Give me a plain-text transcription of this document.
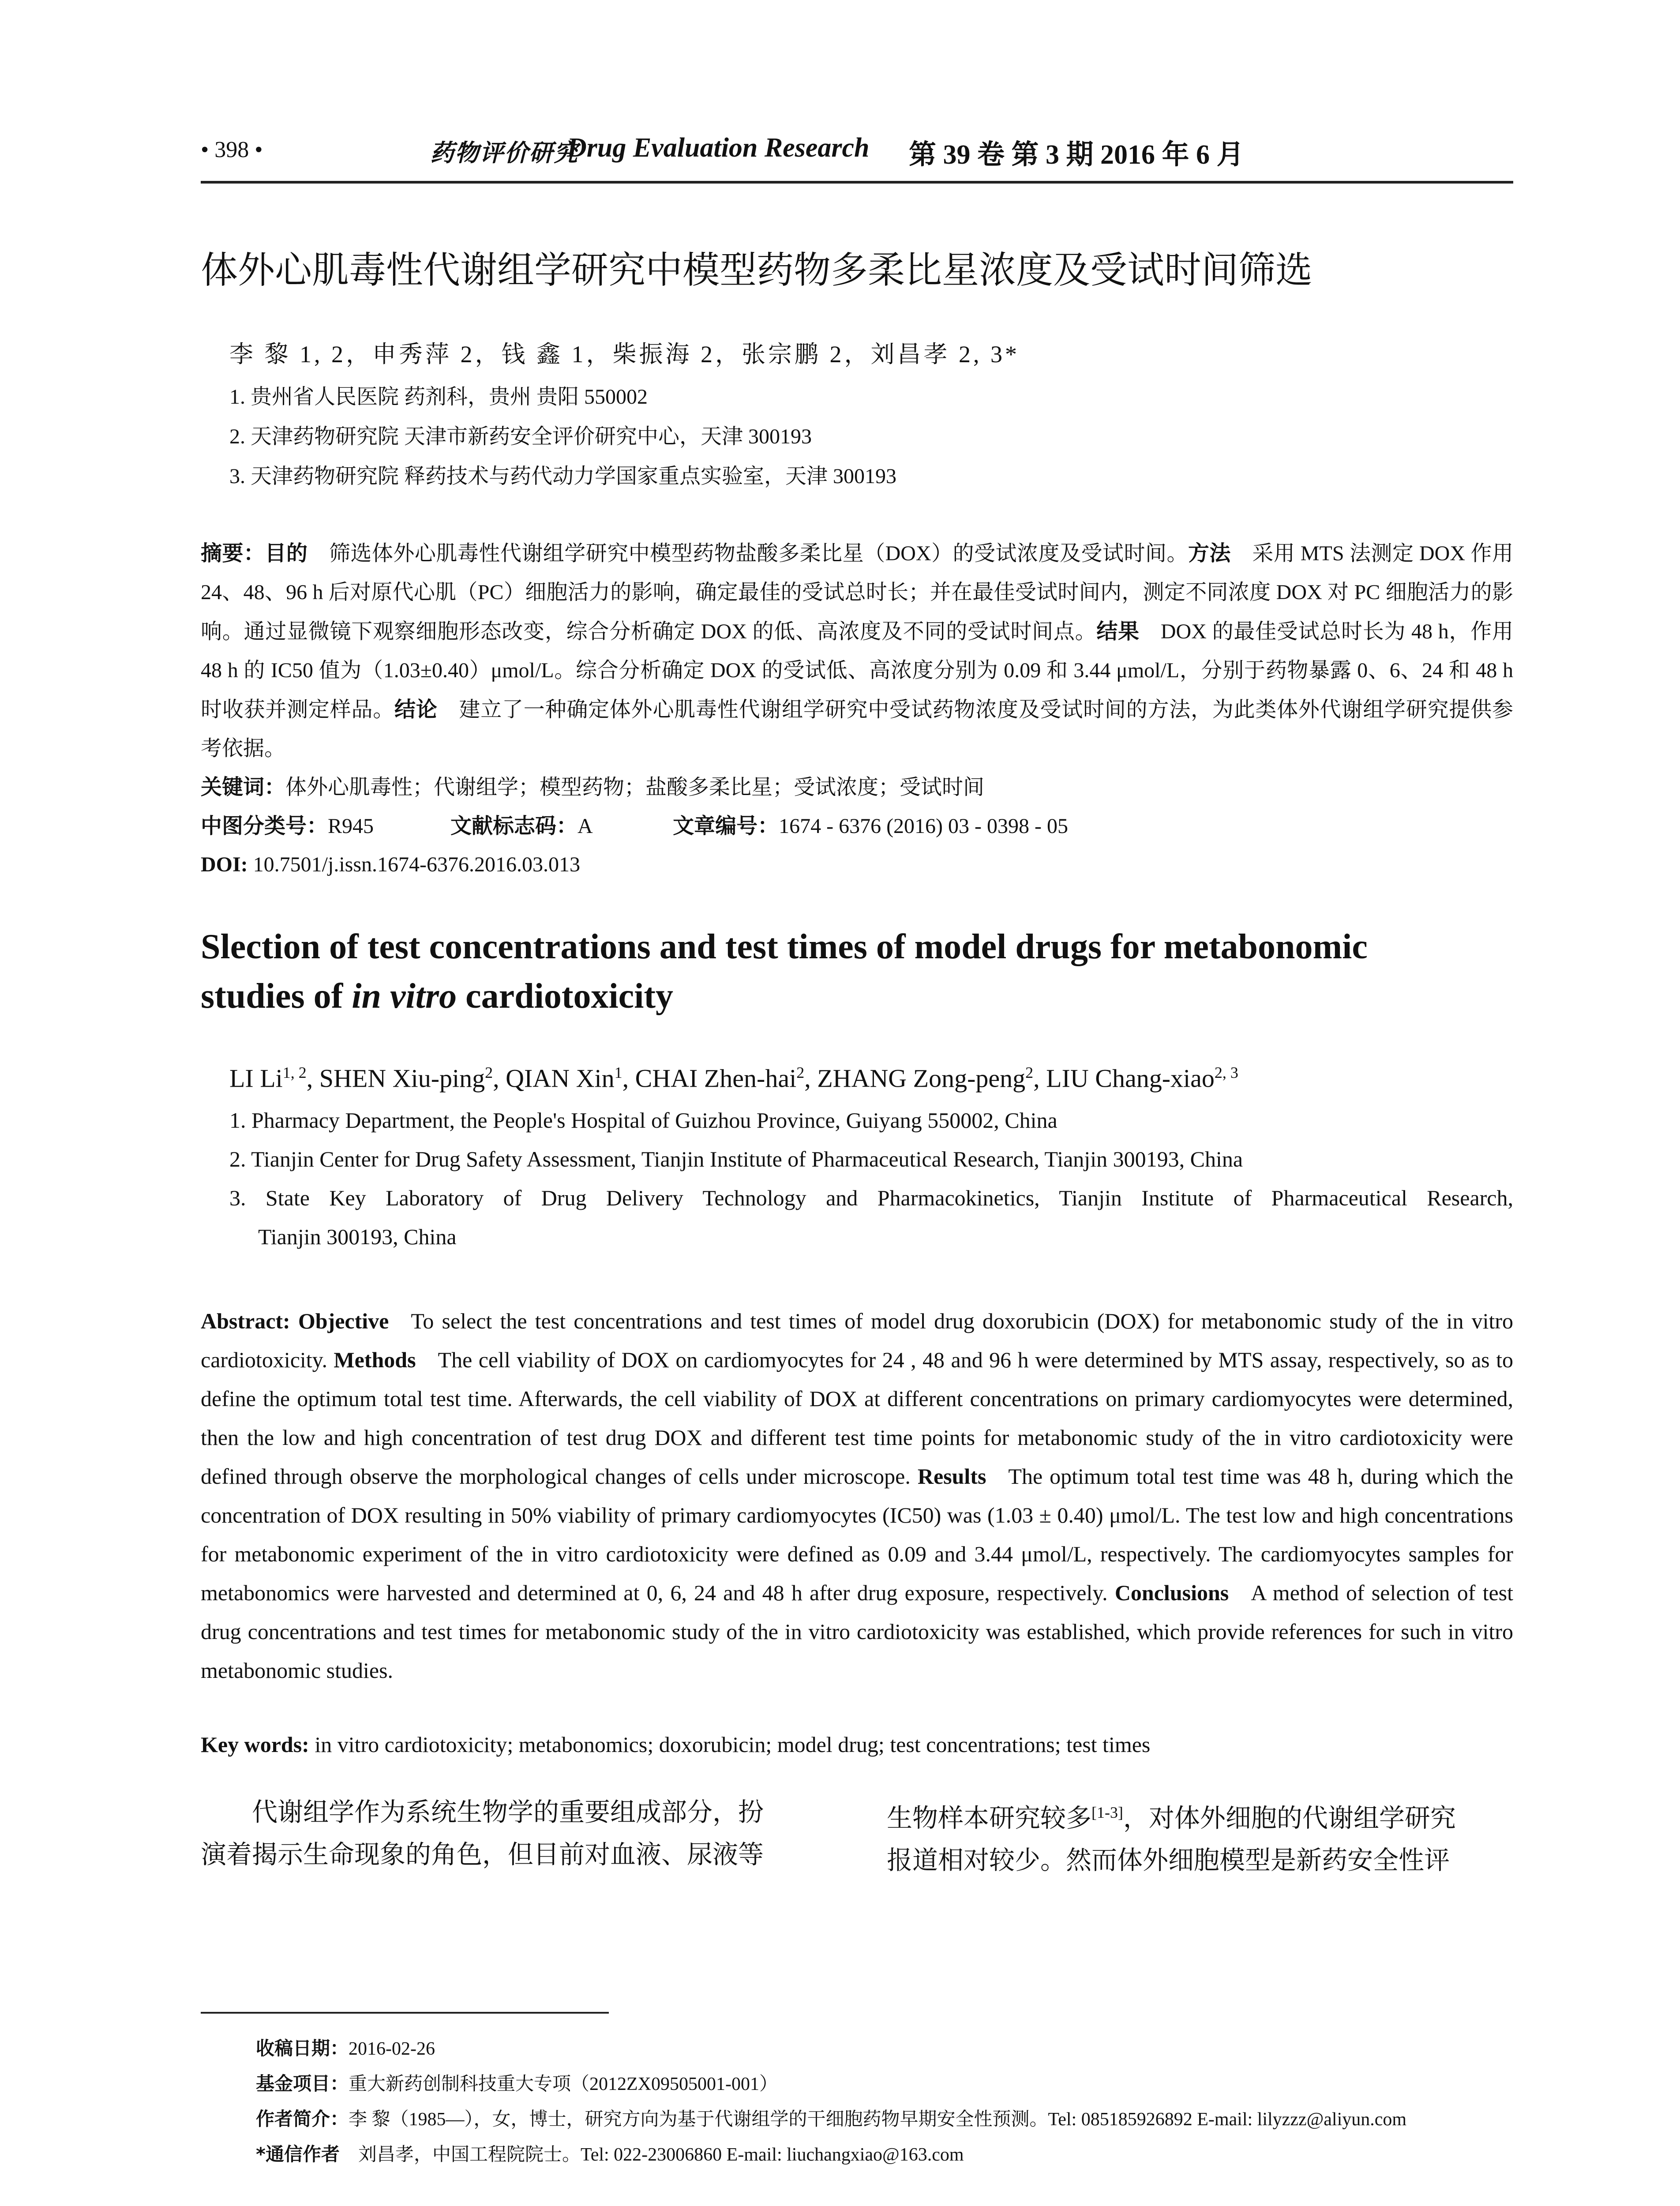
• 398 •	药物评价研究
Drug Evaluation Research 第 39 卷 第 3 期 2016 年 6 月
体外心肌毒性代谢组学研究中模型药物多柔比星浓度及受试时间筛选
李 黎 1, 2，申秀萍 2，钱 鑫 1，柴振海 2，张宗鹏 2，刘昌孝 2, 3*
1. 贵州省人民医院 药剂科，贵州 贵阳 550002
2. 天津药物研究院 天津市新药安全评价研究中心，天津 300193
3. 天津药物研究院 释药技术与药代动力学国家重点实验室，天津 300193
摘要：目的  筛选体外心肌毒性代谢组学研究中模型药物盐酸多柔比星（DOX）的受试浓度及受试时间。方法  采用 MTS 法测定 DOX 作用 24、48、96 h 后对原代心肌（PC）细胞活力的影响，确定最佳的受试总时长；并在最佳受试时间内，测定不同浓度 DOX 对 PC 细胞活力的影响。通过显微镜下观察细胞形态改变，综合分析确定 DOX 的低、高浓度及不同的受试时间点。结果  DOX 的最佳受试总时长为 48 h，作用 48 h 的 IC50 值为（1.03±0.40）μmol/L。综合分析确定 DOX 的受试低、高浓度分别为 0.09 和 3.44 μmol/L，分别于药物暴露 0、6、24 和 48 h 时收获并测定样品。结论  建立了一种确定体外心肌毒性代谢组学研究中受试药物浓度及受试时间的方法，为此类体外代谢组学研究提供参考依据。
关键词：体外心肌毒性；代谢组学；模型药物；盐酸多柔比星；受试浓度；受试时间
中图分类号：R945	文献标志码：A	文章编号：1674 - 6376 (2016) 03 - 0398 - 05
DOI: 10.7501/j.issn.1674-6376.2016.03.013
Slection of test concentrations and test times of model drugs for metabonomic
studies of in vitro cardiotoxicity
LI Li$^{1, 2}$, SHEN Xiu-ping$^2$, QIAN Xin$^1$, CHAI Zhen-hai$^2$, ZHANG Zong-peng$^2$, LIU Chang-xiao$^{2, 3}$
1. Pharmacy Department, the People's Hospital of Guizhou Province, Guiyang 550002, China
2. Tianjin Center for Drug Safety Assessment, Tianjin Institute of Pharmaceutical Research, Tianjin 300193, China
3. State Key Laboratory of Drug Delivery Technology and Pharmacokinetics, Tianjin Institute of Pharmaceutical Research,
Tianjin 300193, China
Abstract: Objective  To select the test concentrations and test times of model drug doxorubicin (DOX) for metabonomic study of the in vitro cardiotoxicity. Methods  The cell viability of DOX on cardiomyocytes for 24 , 48 and 96 h were determined by MTS assay, respectively, so as to define the optimum total test time. Afterwards, the cell viability of DOX at different concentrations on primary cardiomyocytes were determined, then the low and high concentration of test drug DOX and different test time points for metabonomic study of the in vitro cardiotoxicity were defined through observe the morphological changes of cells under microscope. Results  The optimum total test time was 48 h, during which the concentration of DOX resulting in 50% viability of primary cardiomyocytes (IC50) was (1.03 ± 0.40) μmol/L. The test low and high concentrations for metabonomic experiment of the in vitro cardiotoxicity were defined as 0.09 and 3.44 μmol/L, respectively. The cardiomyocytes samples for metabonomics were harvested and determined at 0, 6, 24 and 48 h after drug exposure, respectively. Conclusions  A method of selection of test drug concentrations and test times for metabonomic study of the in vitro cardiotoxicity was established, which provide references for such in vitro metabonomic studies.
Key words: in vitro cardiotoxicity; metabonomics; doxorubicin; model drug; test concentrations; test times
代谢组学作为系统生物学的重要组成部分，扮
演着揭示生命现象的角色，但目前对血液、尿液等
生物样本研究较多[1-3]，对体外细胞的代谢组学研究
报道相对较少。然而体外细胞模型是新药安全性评
收稿日期：2016-02-26
基金项目：重大新药创制科技重大专项（2012ZX09505001-001）
作者简介：李 黎（1985—），女，博士，研究方向为基于代谢组学的干细胞药物早期安全性预测。Tel: 085185926892 E-mail: lilyzzz@aliyun.com
*通信作者  刘昌孝，中国工程院院士。Tel: 022-23006860 E-mail: liuchangxiao@163.com
